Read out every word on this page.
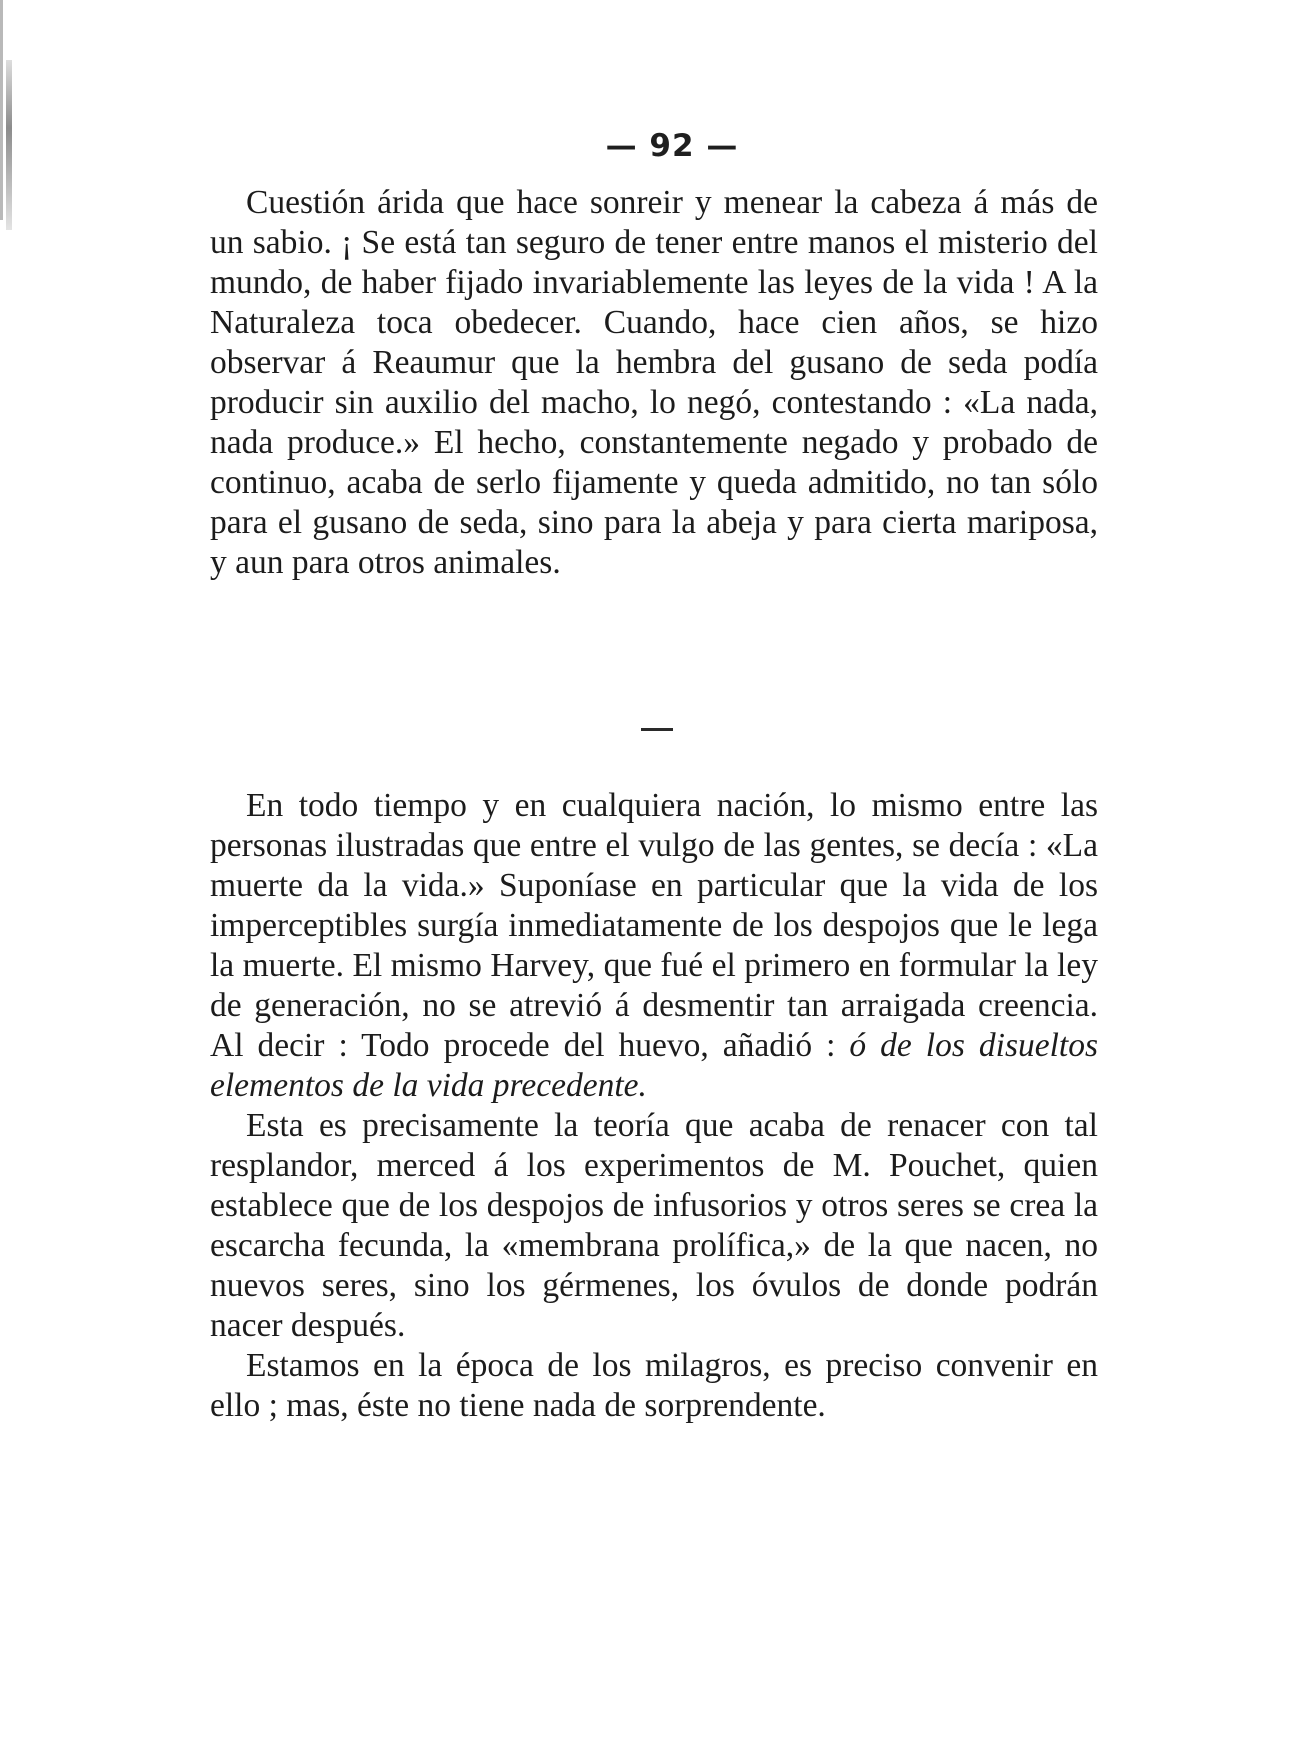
— 92 —

Cuestión árida que hace sonreir y menear la cabeza á más de un sabio. ¡ Se está tan seguro de tener entre manos el misterio del mundo, de haber fijado invariablemente las leyes de la vida ! A la Naturaleza toca obedecer. Cuando, hace cien años, se hizo observar á Reaumur que la hembra del gusano de seda podía producir sin auxilio del macho, lo negó, contestando : «La nada, nada produce.» El hecho, constantemente negado y probado de continuo, acaba de serlo fijamente y queda admitido, no tan sólo para el gusano de seda, sino para la abeja y para cierta mariposa, y aun para otros animales.

En todo tiempo y en cualquiera nación, lo mismo entre las personas ilustradas que entre el vulgo de las gentes, se decía : «La muerte da la vida.» Suponíase en particular que la vida de los imperceptibles surgía inmediatamente de los despojos que le lega la muerte. El mismo Harvey, que fué el primero en formular la ley de generación, no se atrevió á desmentir tan arraigada creencia. Al decir : Todo procede del huevo, añadió : ó de los disueltos elementos de la vida precedente.

Esta es precisamente la teoría que acaba de renacer con tal resplandor, merced á los experimentos de M. Pouchet, quien establece que de los despojos de infusorios y otros seres se crea la escarcha fecunda, la «membrana prolífica,» de la que nacen, no nuevos seres, sino los gérmenes, los óvulos de donde podrán nacer después.

Estamos en la época de los milagros, es preciso convenir en ello ; mas, éste no tiene nada de sorprendente.
